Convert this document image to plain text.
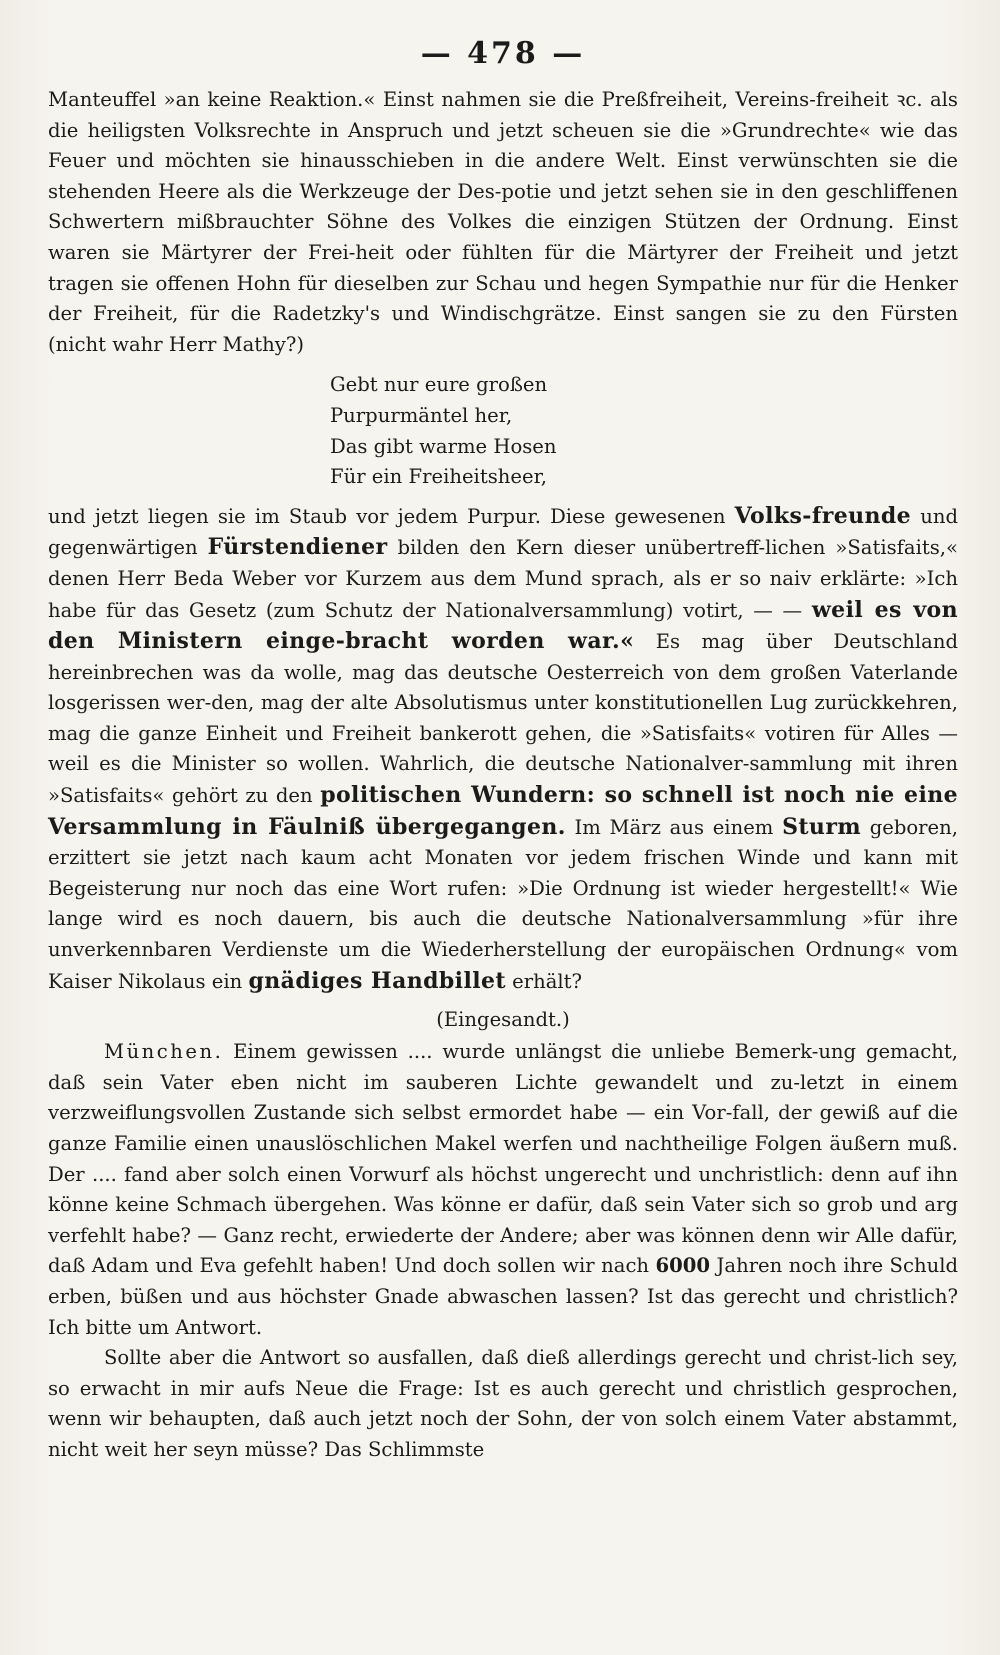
— 478 —

Manteuffel »an keine Reaktion.« Einst nahmen sie die Preßfreiheit, Vereins-freiheit ꝛc. als die heiligsten Volksrechte in Anspruch und jetzt scheuen sie die »Grundrechte« wie das Feuer und möchten sie hinausschieben in die andere Welt. Einst verwünschten sie die stehenden Heere als die Werkzeuge der Des-potie und jetzt sehen sie in den geschliffenen Schwertern mißbrauchter Söhne des Volkes die einzigen Stützen der Ordnung. Einst waren sie Märtyrer der Frei-heit oder fühlten für die Märtyrer der Freiheit und jetzt tragen sie offenen Hohn für dieselben zur Schau und hegen Sympathie nur für die Henker der Freiheit, für die Radetzky's und Windischgrätze. Einst sangen sie zu den Fürsten (nicht wahr Herr Mathy?)

Gebt nur eure großen
Purpurmäntel her,
Das gibt warme Hosen
Für ein Freiheitsheer,

und jetzt liegen sie im Staub vor jedem Purpur. Diese gewesenen Volks-freunde und gegenwärtigen Fürstendiener bilden den Kern dieser unübertreff-lichen »Satisfaits,« denen Herr Beda Weber vor Kurzem aus dem Mund sprach, als er so naiv erklärte: »Ich habe für das Gesetz (zum Schutz der Nationalversammlung) votirt, — — weil es von den Ministern einge-bracht worden war.« Es mag über Deutschland hereinbrechen was da wolle, mag das deutsche Oesterreich von dem großen Vaterlande losgerissen wer-den, mag der alte Absolutismus unter konstitutionellen Lug zurückkehren, mag die ganze Einheit und Freiheit bankerott gehen, die »Satisfaits« votiren für Alles — weil es die Minister so wollen. Wahrlich, die deutsche Nationalver-sammlung mit ihren »Satisfaits« gehört zu den politischen Wundern: so schnell ist noch nie eine Versammlung in Fäulniß übergegangen. Im März aus einem Sturm geboren, erzittert sie jetzt nach kaum acht Monaten vor jedem frischen Winde und kann mit Begeisterung nur noch das eine Wort rufen: »Die Ordnung ist wieder hergestellt!« Wie lange wird es noch dauern, bis auch die deutsche Nationalversammlung »für ihre unverkennbaren Verdienste um die Wiederherstellung der europäischen Ordnung« vom Kaiser Nikolaus ein gnädiges Handbillet erhält?

(Eingesandt.)

München. Einem gewissen .... wurde unlängst die unliebe Bemerk-ung gemacht, daß sein Vater eben nicht im sauberen Lichte gewandelt und zu-letzt in einem verzweiflungsvollen Zustande sich selbst ermordet habe — ein Vor-fall, der gewiß auf die ganze Familie einen unauslöschlichen Makel werfen und nachtheilige Folgen äußern muß. Der .... fand aber solch einen Vorwurf als höchst ungerecht und unchristlich: denn auf ihn könne keine Schmach übergehen. Was könne er dafür, daß sein Vater sich so grob und arg verfehlt habe? — Ganz recht, erwiederte der Andere; aber was können denn wir Alle dafür, daß Adam und Eva gefehlt haben! Und doch sollen wir nach 6000 Jahren noch ihre Schuld erben, büßen und aus höchster Gnade abwaschen lassen? Ist das gerecht und christlich? Ich bitte um Antwort.

Sollte aber die Antwort so ausfallen, daß dieß allerdings gerecht und christ-lich sey, so erwacht in mir aufs Neue die Frage: Ist es auch gerecht und christlich gesprochen, wenn wir behaupten, daß auch jetzt noch der Sohn, der von solch einem Vater abstammt, nicht weit her seyn müsse? Das Schlimmste
